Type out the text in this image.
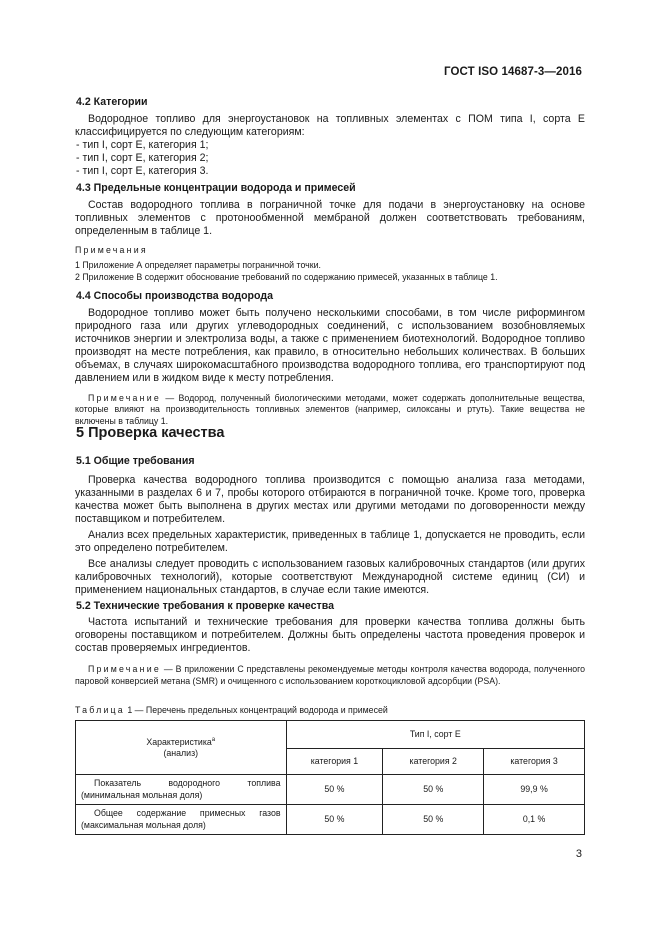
ГОСТ ISO 14687-3—2016

4.2 Категории

Водородное топливо для энергоустановок на топливных элементах с ПОМ типа I, сорта Е классифицируется по следующим категориям:

- тип I, сорт Е, категория 1;

- тип I, сорт Е, категория 2;

- тип I, сорт Е, категория 3.

4.3 Предельные концентрации водорода и примесей

Состав водородного топлива в пограничной точке для подачи в энергоустановку на основе топливных элементов с протонообменной мембраной должен соответствовать требованиям, определенным в таблице 1.

Примечания

1 Приложение А определяет параметры пограничной точки.

2 Приложение В содержит обоснование требований по содержанию примесей, указанных в таблице 1.

4.4 Способы производства водорода

Водородное топливо может быть получено несколькими способами, в том числе риформингом природного газа или других углеводородных соединений, с использованием возобновляемых источников энергии и электролиза воды, а также с применением биотехнологий. Водородное топливо производят на месте потребления, как правило, в относительно небольших количествах. В больших объемах, в случаях широкомасштабного производства водородного топлива, его транспортируют под давлением или в жидком виде к месту потребления.

Примечание — Водород, полученный биологическими методами, может содержать дополнительные вещества, которые влияют на производительность топливных элементов (например, силоксаны и ртуть). Такие вещества не включены в таблицу 1.

5 Проверка качества

5.1 Общие требования

Проверка качества водородного топлива производится с помощью анализа газа методами, указанными в разделах 6 и 7, пробы которого отбираются в пограничной точке. Кроме того, проверка качества может быть выполнена в других местах или другими методами по договоренности между поставщиком и потребителем.

Анализ всех предельных характеристик, приведенных в таблице 1, допускается не проводить, если это определено потребителем.

Все анализы следует проводить с использованием газовых калибровочных стандартов (или других калибровочных технологий), которые соответствуют Международной системе единиц (СИ) и применением национальных стандартов, в случае если такие имеются.

5.2 Технические требования к проверке качества

Частота испытаний и технические требования для проверки качества топлива должны быть оговорены поставщиком и потребителем. Должны быть определены частота проведения проверок и состав проверяемых ингредиентов.

Примечание — В приложении С представлены рекомендуемые методы контроля качества водорода, полученного паровой конверсией метана (SMR) и очищенного с использованием короткоцикловой адсорбции (PSA).

Таблица 1 — Перечень предельных концентраций водорода и примесей
Характеристика$^a$
(анализ)	Тип I, сорт Е		
	категория 1	категория 2	категория 3
Показатель водородного топлива (минимальная мольная доля)	50 %	50 %	99,9 %
Общее содержание примесных газов (максимальная мольная доля)	50 %	50 %	0,1 %
3
